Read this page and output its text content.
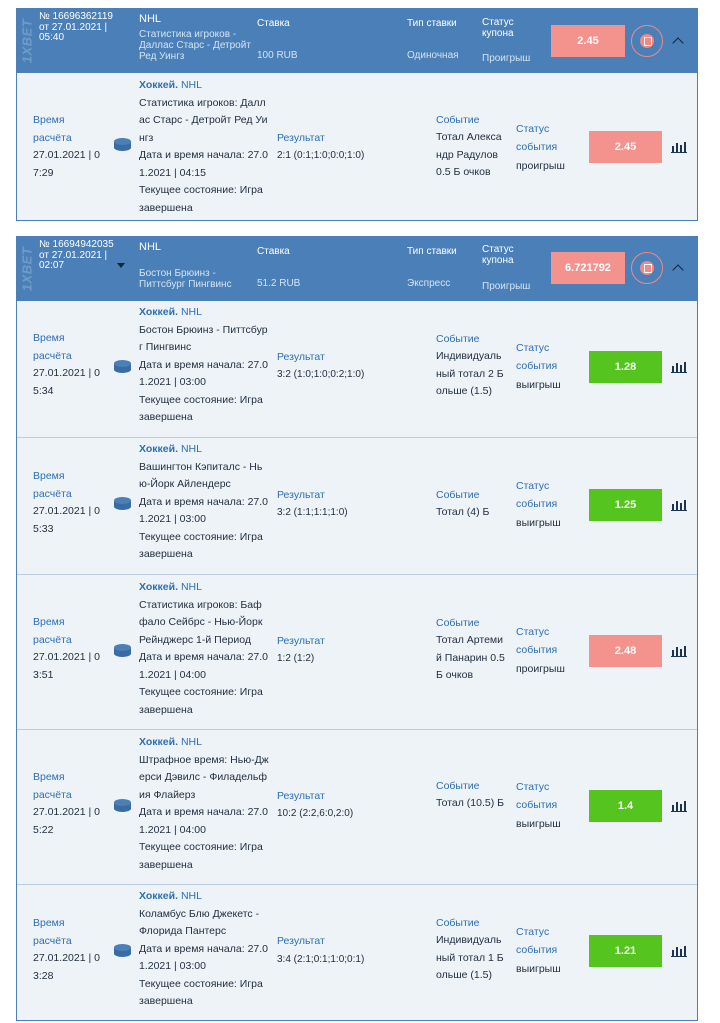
1XBET
№ 16696362119 от 27.01.2021 | 05:40
NHL
Статистика игроков - Даллас Старс - Детройт Ред Уингз
Ставка
100 RUB
Тип ставки
Одиночная
Статус купона
Проигрыш
2.45
Время расчёта
27.01.2021 | 07:29
Хоккей. NHL
Статистика игроков: Даллас Старс - Детройт Ред Уингз
Дата и время начала: 27.01.2021 | 04:15
Текущее состояние: Игра завершена
Результат
2:1 (0:1;1:0;0:0;1:0)
Событие
Тотал Александр Радулов 0.5 Б очков
Статус события
проигрыш
2.45
1XBET
№ 16694942035 от 27.01.2021 | 02:07
NHL
Бостон Брюинз - Питтсбург Пингвинс
Ставка
51.2 RUB
Тип ставки
Экспресс
Статус купона
Проигрыш
6.721792
Время расчёта
27.01.2021 | 05:34
Хоккей. NHL
Бостон Брюинз - Питтсбург Пингвинс
Дата и время начала: 27.01.2021 | 03:00
Текущее состояние: Игра завершена
Результат
3:2 (1:0;1:0;0:2;1:0)
Событие
Индивидуальный тотал 2 Больше (1.5)
Статус события
выигрыш
1.28
Время расчёта
27.01.2021 | 05:33
Хоккей. NHL
Вашингтон Кэпиталс - Нью-Йорк Айлендерс
Дата и время начала: 27.01.2021 | 03:00
Текущее состояние: Игра завершена
Результат
3:2 (1:1;1:1;1:0)
Событие
Тотал (4) Б
Статус события
выигрыш
1.25
Время расчёта
27.01.2021 | 03:51
Хоккей. NHL
Статистика игроков: Баффало Сейбрс - Нью-Йорк Рейнджерс 1-й Период
Дата и время начала: 27.01.2021 | 04:00
Текущее состояние: Игра завершена
Результат
1:2 (1:2)
Событие
Тотал Артемий Панарин 0.5 Б очков
Статус события
проигрыш
2.48
Время расчёта
27.01.2021 | 05:22
Хоккей. NHL
Штрафное время: Нью-Джерси Дэвилс - Филадельфия Флайерз
Дата и время начала: 27.01.2021 | 04:00
Текущее состояние: Игра завершена
Результат
10:2 (2:2,6:0,2:0)
Событие
Тотал (10.5) Б
Статус события
выигрыш
1.4
Время расчёта
27.01.2021 | 03:28
Хоккей. NHL
Коламбус Блю Джекетс - Флорида Пантерс
Дата и время начала: 27.01.2021 | 03:00
Текущее состояние: Игра завершена
Результат
3:4 (2:1;0:1;1:0;0:1)
Событие
Индивидуальный тотал 1 Больше (1.5)
Статус события
выигрыш
1.21
